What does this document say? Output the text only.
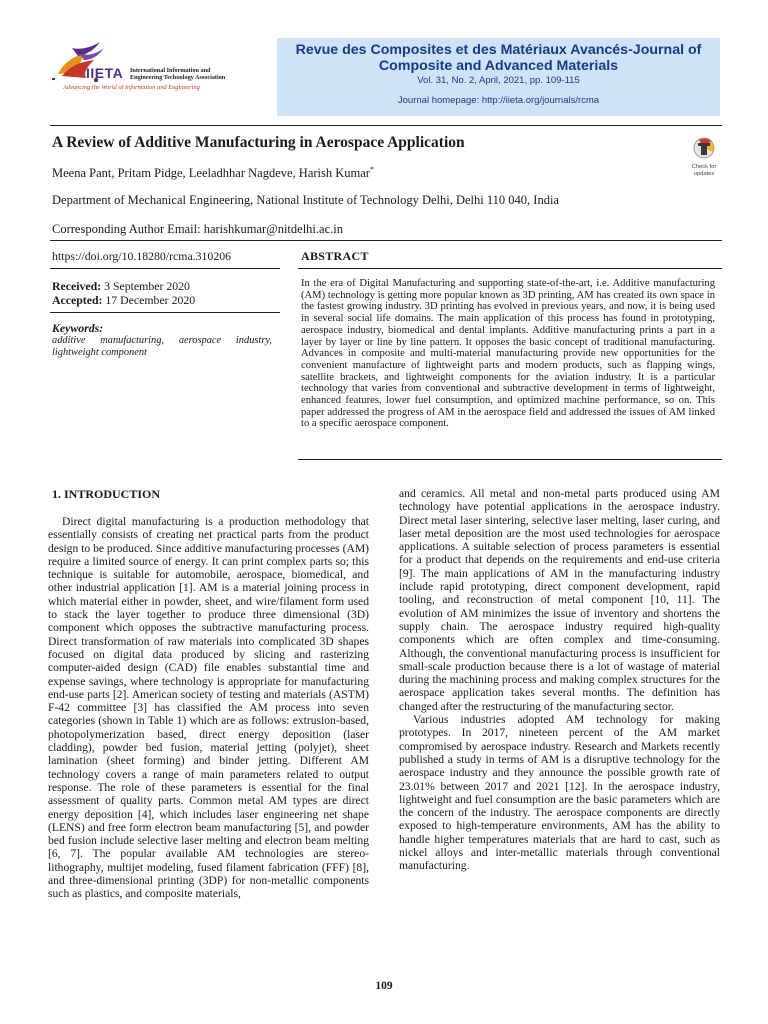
IIETA International Information and
Engineering Technology Association
Advancing the World of Information and Engineering
Revue des Composites et des Matériaux Avancés-Journal of Composite and Advanced Materials
Vol. 31, No. 2, April, 2021, pp. 109-115
Journal homepage: http://iieta.org/journals/rcma
A Review of Additive Manufacturing in Aerospace Application
Check for
updates
Meena Pant, Pritam Pidge, Leeladhhar Nagdeve, Harish Kumar*
Department of Mechanical Engineering, National Institute of Technology Delhi, Delhi 110 040, India
Corresponding Author Email: harishkumar@nitdelhi.ac.in
https://doi.org/10.18280/rcma.310206	ABSTRACT
Received: 3 September 2020
Accepted: 17 December 2020
Keywords:
additive manufacturing, aerospace industry, lightweight component
In the era of Digital Manufacturing and supporting state-of-the-art, i.e. Additive manufacturing (AM) technology is getting more popular known as 3D printing, AM has created its own space in the fastest growing industry. 3D printing has evolved in previous years, and now, it is being used in several social life domains. The main application of this process has found in prototyping, aerospace industry, biomedical and dental implants. Additive manufacturing prints a part in a layer by layer or line by line pattern. It opposes the basic concept of traditional manufacturing. Advances in composite and multi-material manufacturing provide new opportunities for the convenient manufacture of lightweight parts and modern products, such as flapping wings, satellite brackets, and lightweight components for the aviation industry. It is a particular technology that varies from conventional and subtractive development in terms of lightweight, enhanced features, lower fuel consumption, and optimized machine performance, so on. This paper addressed the progress of AM in the aerospace field and addressed the issues of AM linked to a specific aerospace component.
1. INTRODUCTION

Direct digital manufacturing is a production methodology that essentially consists of creating net practical parts from the product design to be produced. Since additive manufacturing processes (AM) require a limited source of energy. It can print complex parts so; this technique is suitable for automobile, aerospace, biomedical, and other industrial application [1]. AM is a material joining process in which material either in powder, sheet, and wire/filament form used to stack the layer together to produce three dimensional (3D) component which opposes the subtractive manufacturing process. Direct transformation of raw materials into complicated 3D shapes focused on digital data produced by slicing and rasterizing computer-aided design (CAD) file enables substantial time and expense savings, where technology is appropriate for manufacturing end-use parts [2]. American society of testing and materials (ASTM) F-42 committee [3] has classified the AM process into seven categories (shown in Table 1) which are as follows: extrusion-based, photopolymerization based, direct energy deposition (laser cladding), powder bed fusion, material jetting (polyjet), sheet lamination (sheet forming) and binder jetting. Different AM technology covers a range of main parameters related to output response. The role of these parameters is essential for the final assessment of quality parts. Common metal AM types are direct energy deposition [4], which includes laser engineering net shape (LENS) and free form electron beam manufacturing [5], and powder bed fusion include selective laser melting and electron beam melting [6, 7]. The popular available AM technologies are stereo-lithography, multijet modeling, fused filament fabrication (FFF) [8], and three-dimensional printing (3DP) for non-metallic components such as plastics, and composite materials,

and ceramics. All metal and non-metal parts produced using AM technology have potential applications in the aerospace industry. Direct metal laser sintering, selective laser melting, laser curing, and laser metal deposition are the most used technologies for aerospace applications. A suitable selection of process parameters is essential for a product that depends on the requirements and end-use criteria [9]. The main applications of AM in the manufacturing industry include rapid prototyping, direct component development, rapid tooling, and reconstruction of metal component [10, 11]. The evolution of AM minimizes the issue of inventory and shortens the supply chain. The aerospace industry required high-quality components which are often complex and time-consuming. Although, the conventional manufacturing process is insufficient for small-scale production because there is a lot of wastage of material during the machining process and making complex structures for the aerospace application takes several months. The definition has changed after the restructuring of the manufacturing sector.

Various industries adopted AM technology for making prototypes. In 2017, nineteen percent of the AM market compromised by aerospace industry. Research and Markets recently published a study in terms of AM is a disruptive technology for the aerospace industry and they announce the possible growth rate of 23.01% between 2017 and 2021 [12]. In the aerospace industry, lightweight and fuel consumption are the basic parameters which are the concern of the industry. The aerospace components are directly exposed to high-temperature environments, AM has the ability to handle higher temperatures materials that are hard to cast, such as nickel alloys and inter-metallic materials through conventional manufacturing.

109
